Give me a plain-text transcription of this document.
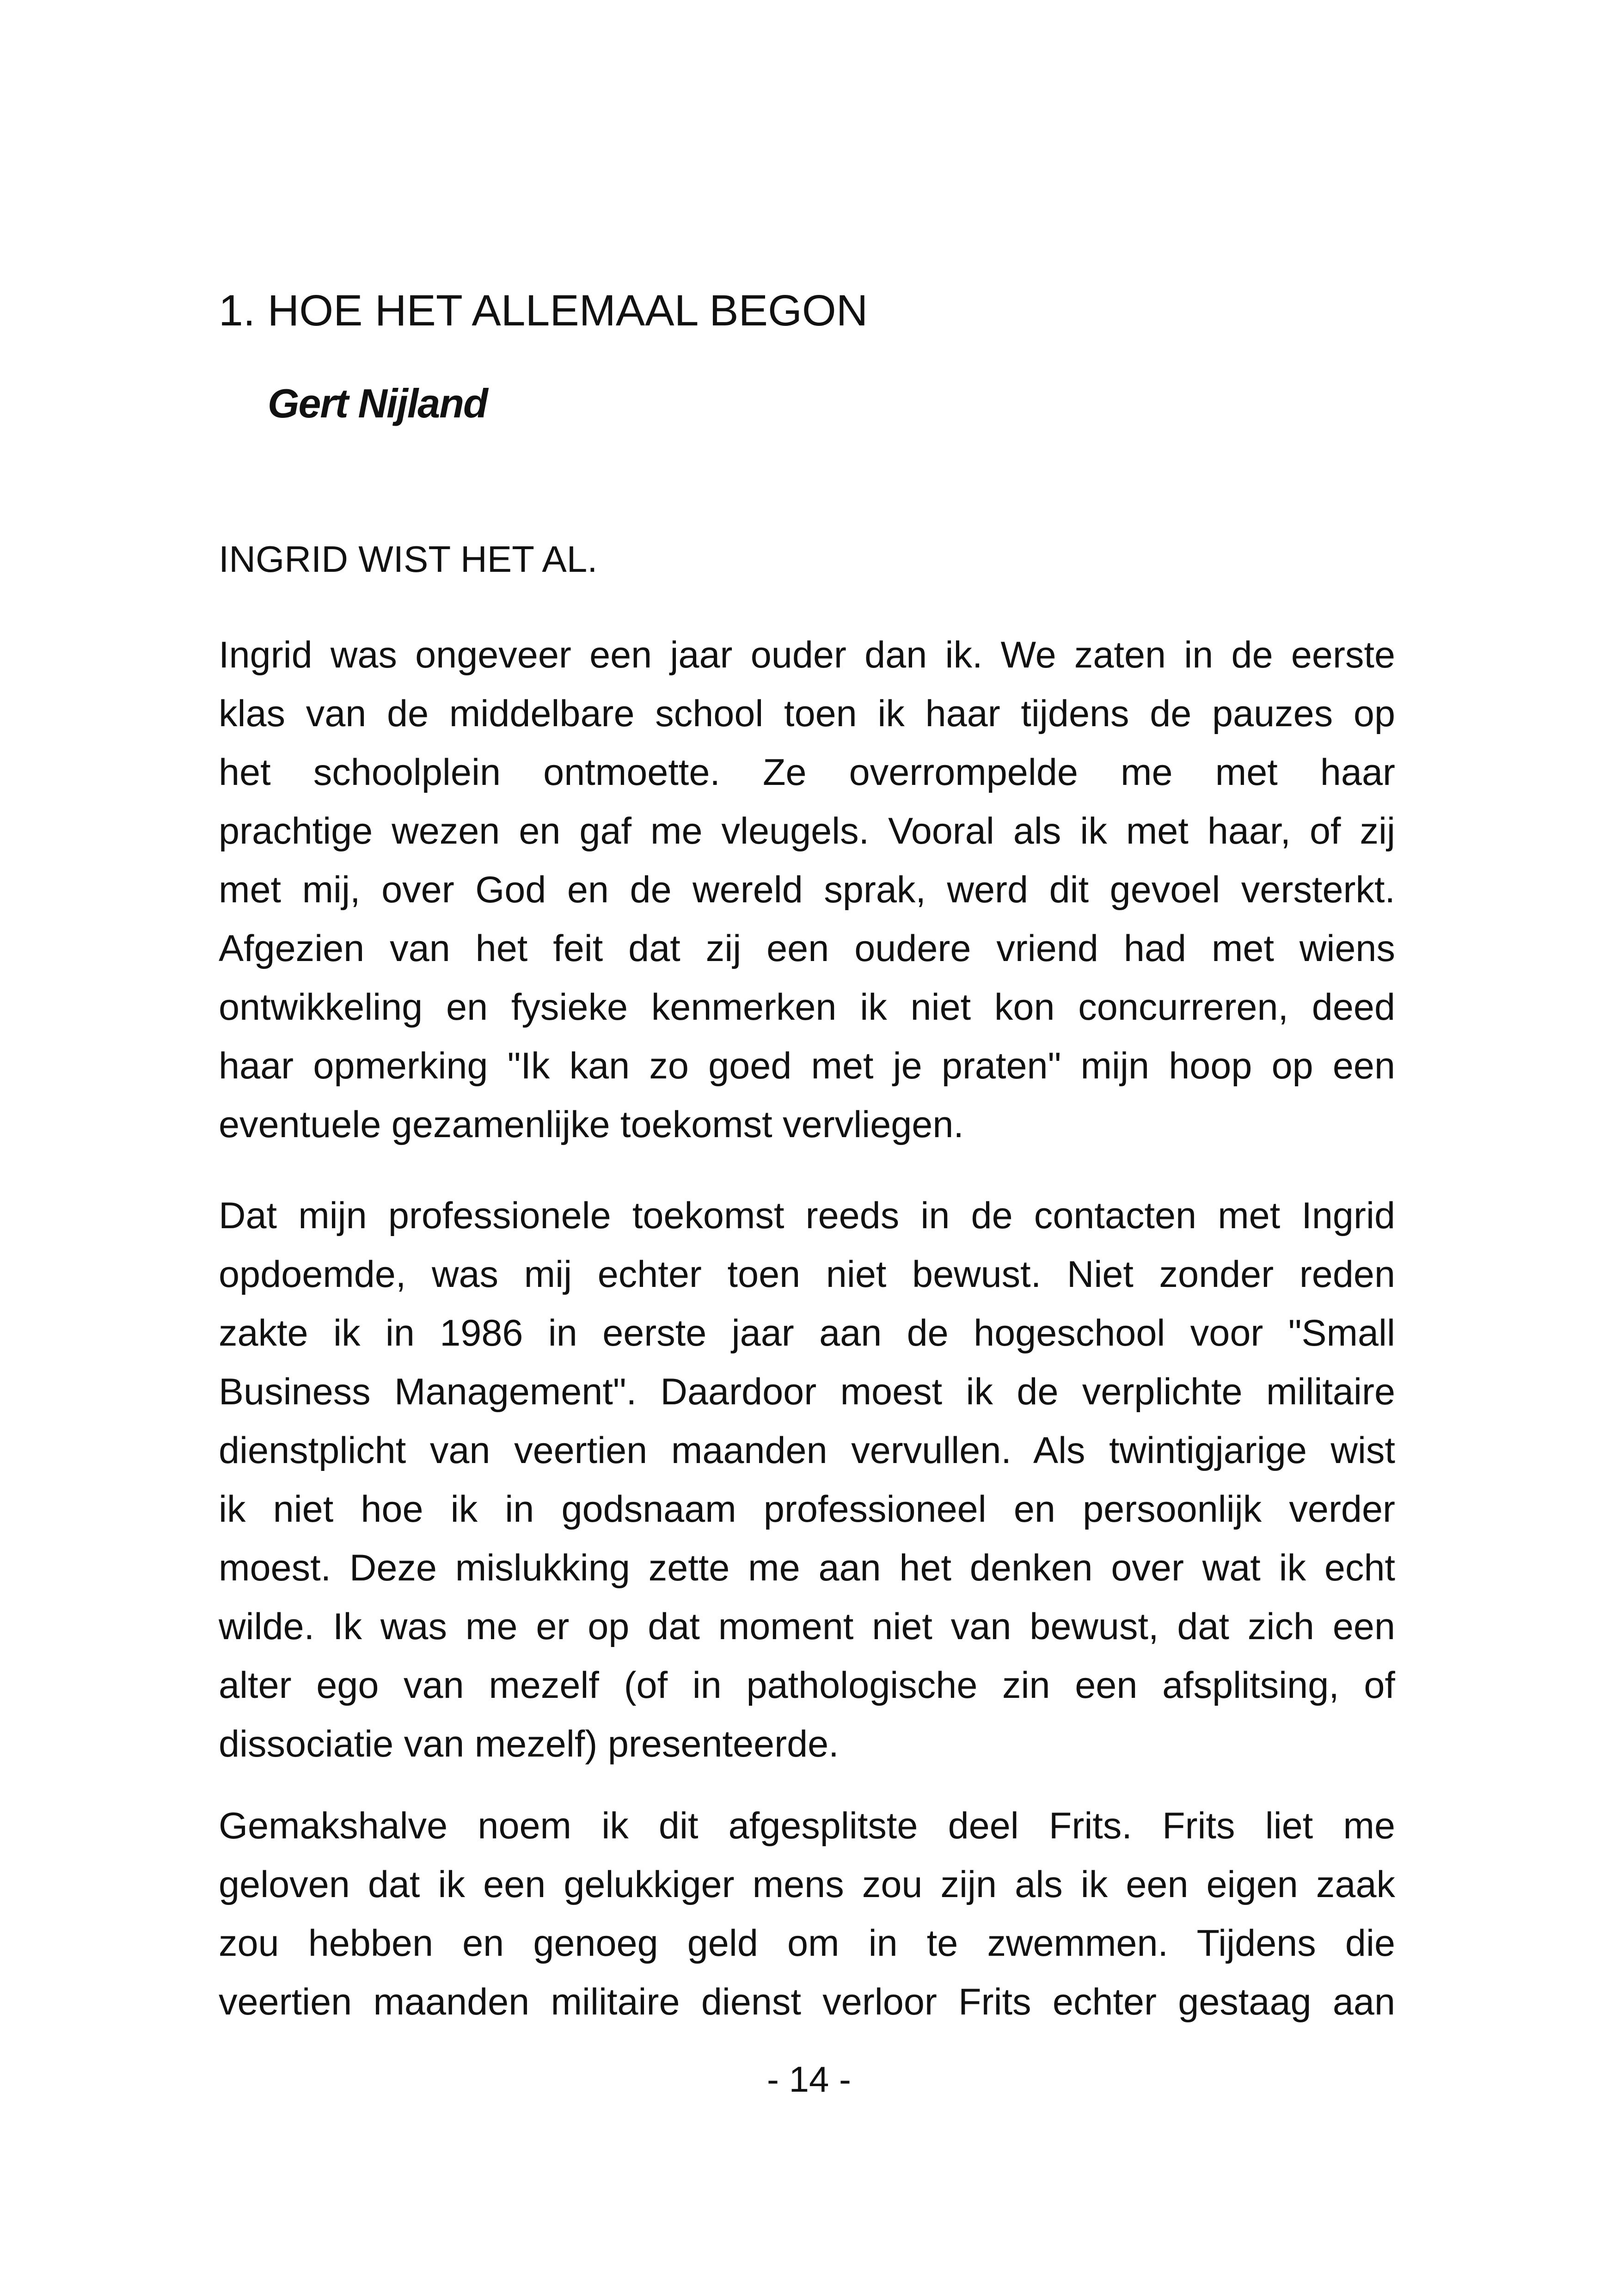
1. HOE HET ALLEMAAL BEGON
Gert Nijland
INGRID WIST HET AL.
Ingrid was ongeveer een jaar ouder dan ik. We zaten in de eerste
klas van de middelbare school toen ik haar tijdens de pauzes op
het schoolplein ontmoette. Ze overrompelde me met haar
prachtige wezen en gaf me vleugels. Vooral als ik met haar, of zij
met mij, over God en de wereld sprak, werd dit gevoel versterkt.
Afgezien van het feit dat zij een oudere vriend had met wiens
ontwikkeling en fysieke kenmerken ik niet kon concurreren, deed
haar opmerking "Ik kan zo goed met je praten" mijn hoop op een
eventuele gezamenlijke toekomst vervliegen.
Dat mijn professionele toekomst reeds in de contacten met Ingrid
opdoemde, was mij echter toen niet bewust. Niet zonder reden
zakte ik in 1986 in eerste jaar aan de hogeschool voor "Small
Business Management". Daardoor moest ik de verplichte militaire
dienstplicht van veertien maanden vervullen. Als twintigjarige wist
ik niet hoe ik in godsnaam professioneel en persoonlijk verder
moest. Deze mislukking zette me aan het denken over wat ik echt
wilde. Ik was me er op dat moment niet van bewust, dat zich een
alter ego van mezelf (of in pathologische zin een afsplitsing, of
dissociatie van mezelf) presenteerde.
Gemakshalve noem ik dit afgesplitste deel Frits. Frits liet me
geloven dat ik een gelukkiger mens zou zijn als ik een eigen zaak
zou hebben en genoeg geld om in te zwemmen. Tijdens die
veertien maanden militaire dienst verloor Frits echter gestaag aan
- 14 -
